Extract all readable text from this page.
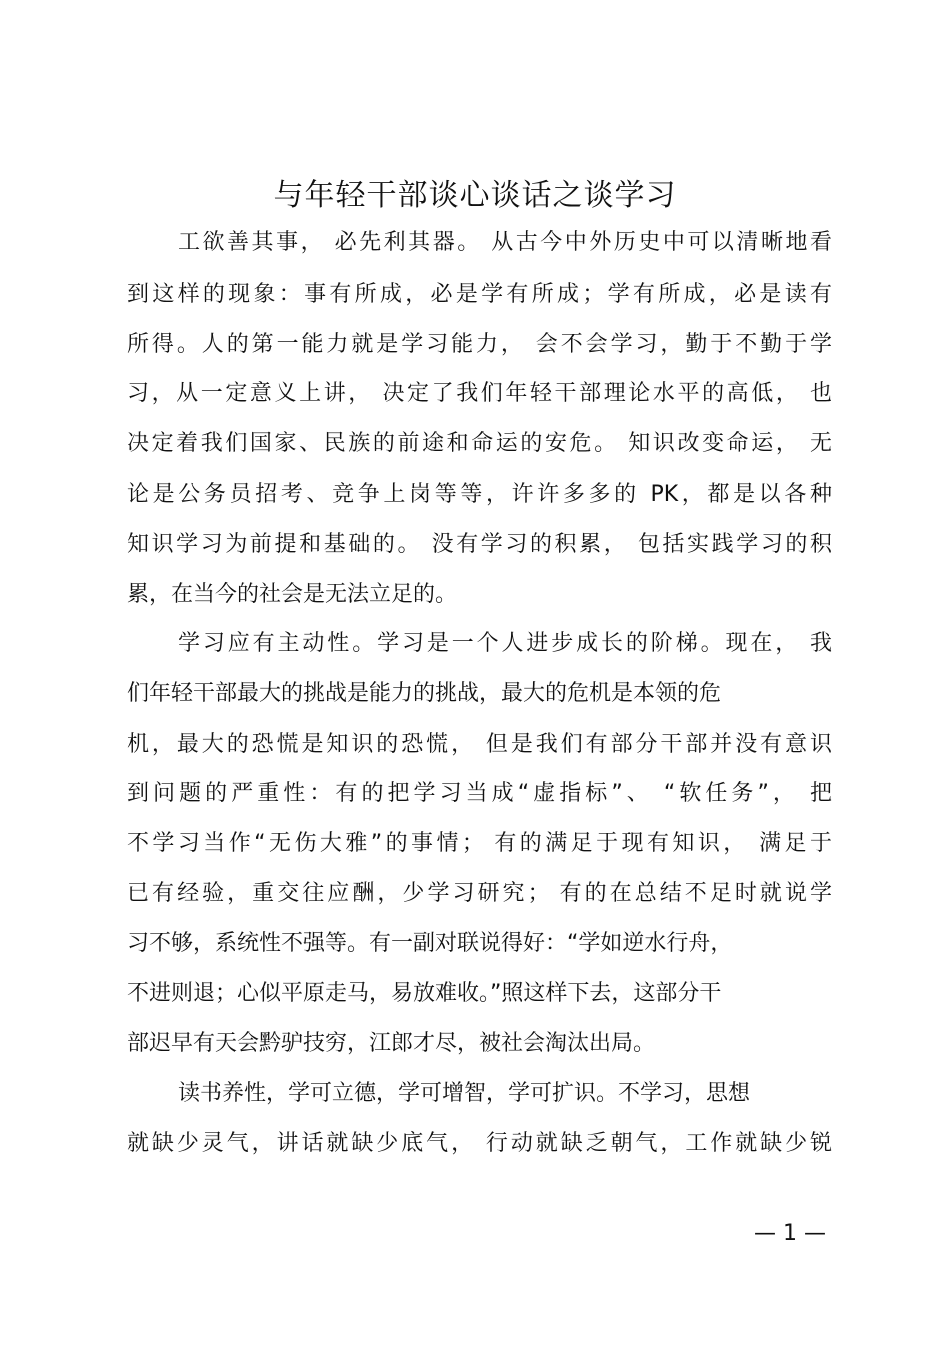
与年轻干部谈心谈话之谈学习
工欲善其事， 必先利其器。 从古今中外历史中可以清晰地看
到这样的现象：事有所成，必是学有所成；学有所成，必是读有
所得。人的第一能力就是学习能力， 会不会学习，勤于不勤于学
习，从一定意义上讲， 决定了我们年轻干部理论水平的高低， 也
决定着我们国家、民族的前途和命运的安危。 知识改变命运， 无
论是公务员招考、竞争上岗等等，许许多多的 PK，都是以各种
知识学习为前提和基础的。 没有学习的积累， 包括实践学习的积
累，在当今的社会是无法立足的。
学习应有主动性。学习是一个人进步成长的阶梯。现在， 我
们年轻干部最大的挑战是能力的挑战，最大的危机是本领的危
机，最大的恐慌是知识的恐慌， 但是我们有部分干部并没有意识
到问题的严重性：有的把学习当成“虚指标”、 “软任务”， 把
不学习当作“无伤大雅”的事情； 有的满足于现有知识， 满足于
已有经验，重交往应酬，少学习研究； 有的在总结不足时就说学
习不够，系统性不强等。有一副对联说得好：“学如逆水行舟，
不进则退；心似平原走马，易放难收。”照这样下去，这部分干
部迟早有天会黔驴技穷，江郎才尽，被社会淘汰出局。
读书养性，学可立德，学可增智，学可扩识。不学习，思想
就缺少灵气，讲话就缺少底气， 行动就缺乏朝气，工作就缺少锐
— 1 —
